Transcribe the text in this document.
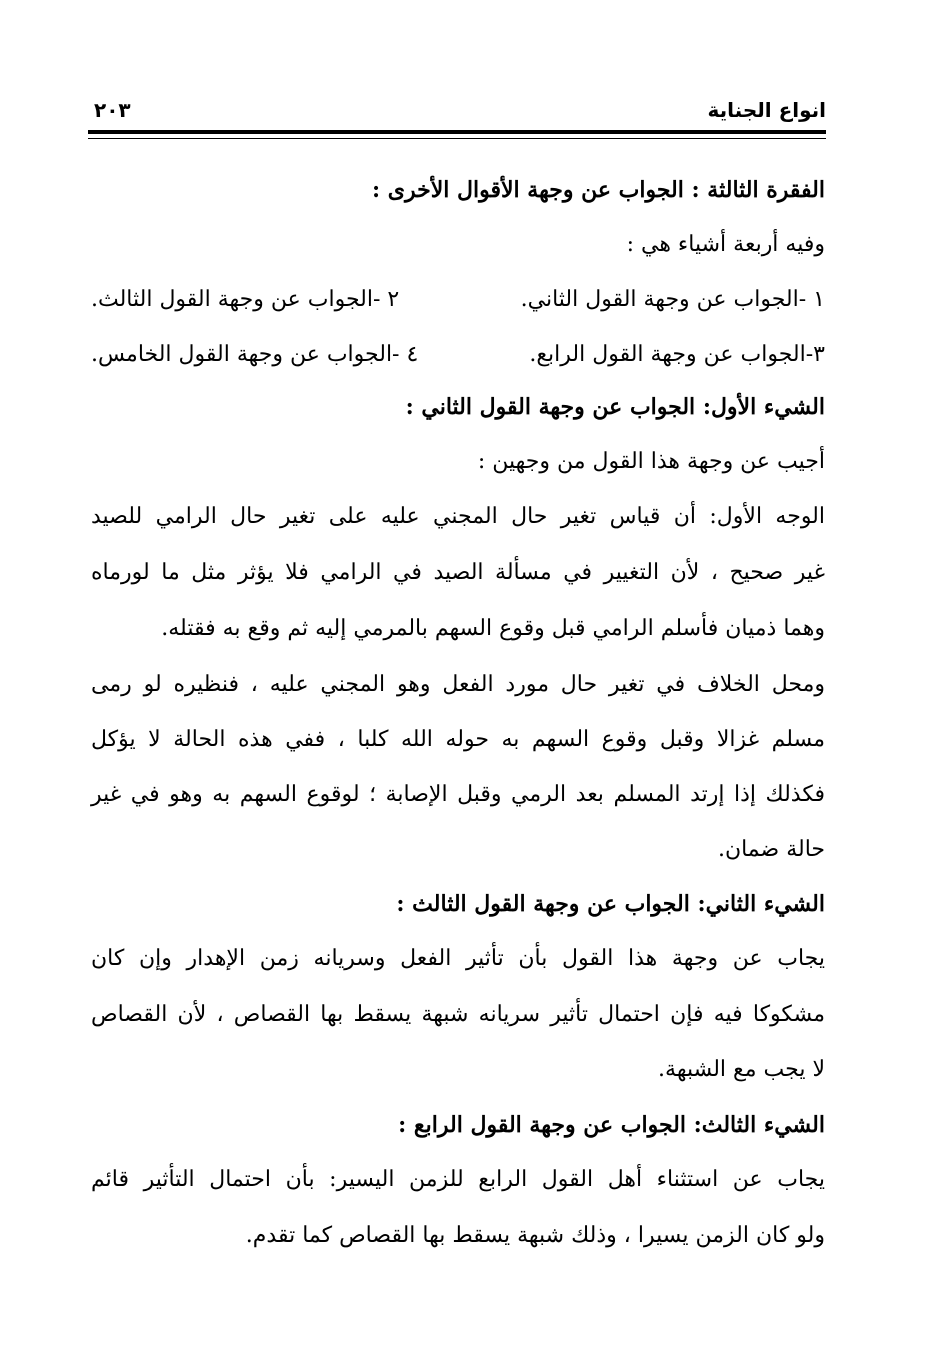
انواع الجناية
٢٠٣
الفقرة الثالثة : الجواب عن وجهة الأقوال الأخرى :
وفيه أربعة أشياء هي :
١ -الجواب عن وجهة القول الثاني.
٢ -الجواب عن وجهة القول الثالث.
٣-الجواب عن وجهة القول الرابع.
٤ -الجواب عن وجهة القول الخامس.
الشيء الأول: الجواب عن وجهة القول الثاني :
أجيب عن وجهة هذا القول من وجهين :
الوجه الأول: أن قياس تغير حال المجني عليه على تغير حال الرامي للصيد
غير صحيح ، لأن التغيير في مسألة الصيد في الرامي فلا يؤثر مثل ما لورماه
وهما ذميان فأسلم الرامي قبل وقوع السهم بالمرمي إليه ثم وقع به فقتله.
ومحل الخلاف في تغير حال مورد الفعل وهو المجني عليه ، فنظيره لو رمى
مسلم غزالا وقبل وقوع السهم به حوله الله كلبا ، ففي هذه الحالة لا يؤكل
فكذلك إذا إرتد المسلم بعد الرمي وقبل الإصابة ؛ لوقوع السهم به وهو في غير
حالة ضمان.
الشيء الثاني: الجواب عن وجهة القول الثالث :
يجاب عن وجهة هذا القول بأن تأثير الفعل وسريانه زمن الإهدار وإن كان
مشكوكا فيه فإن احتمال تأثير سريانه شبهة يسقط بها القصاص ، لأن القصاص
لا يجب مع الشبهة.
الشيء الثالث: الجواب عن وجهة القول الرابع :
يجاب عن استثناء أهل القول الرابع للزمن اليسير: بأن احتمال التأثير قائم
ولو كان الزمن يسيرا ، وذلك شبهة يسقط بها القصاص كما تقدم.
